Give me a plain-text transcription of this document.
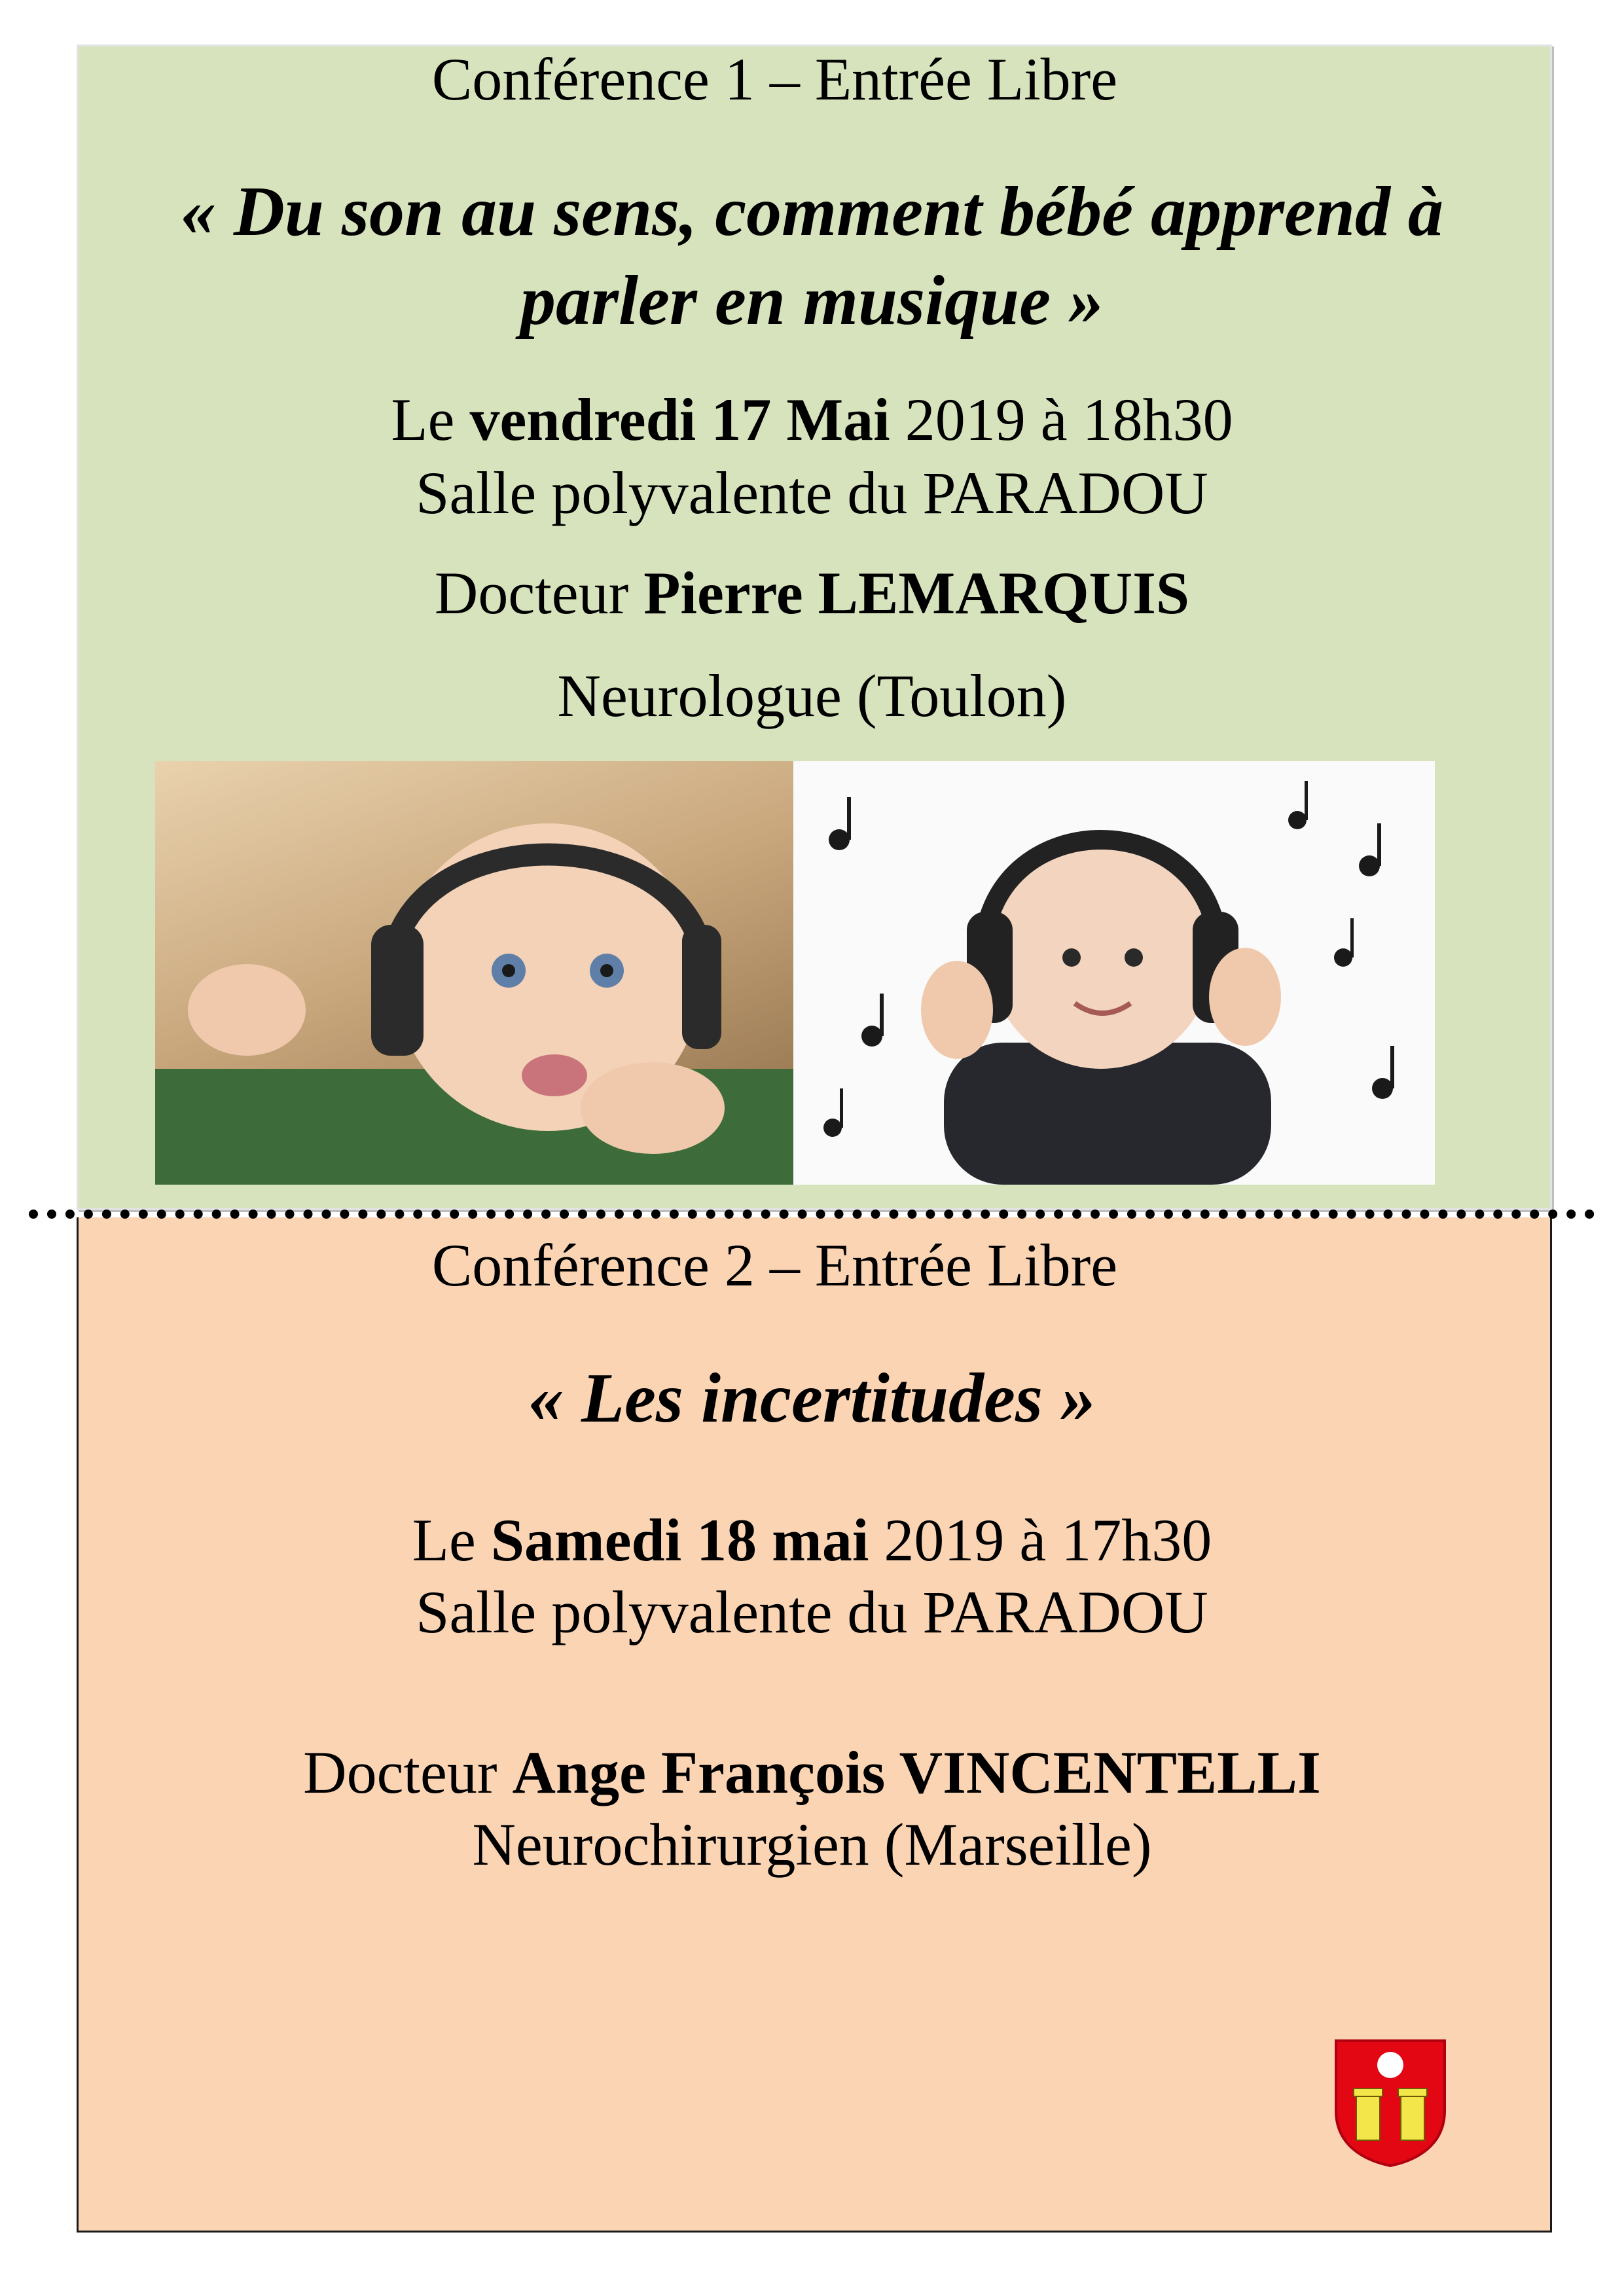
Conférence 1 – Entrée Libre
« Du son au sens, comment bébé apprend à
parler en musique »
Le vendredi 17 Mai 2019 à 18h30
Salle polyvalente du PARADOU
Docteur Pierre LEMARQUIS
Neurologue (Toulon)
Conférence 2 – Entrée Libre
« Les incertitudes »
Le Samedi 18 mai 2019 à 17h30
Salle polyvalente du PARADOU
Docteur Ange François VINCENTELLI
Neurochirurgien (Marseille)
